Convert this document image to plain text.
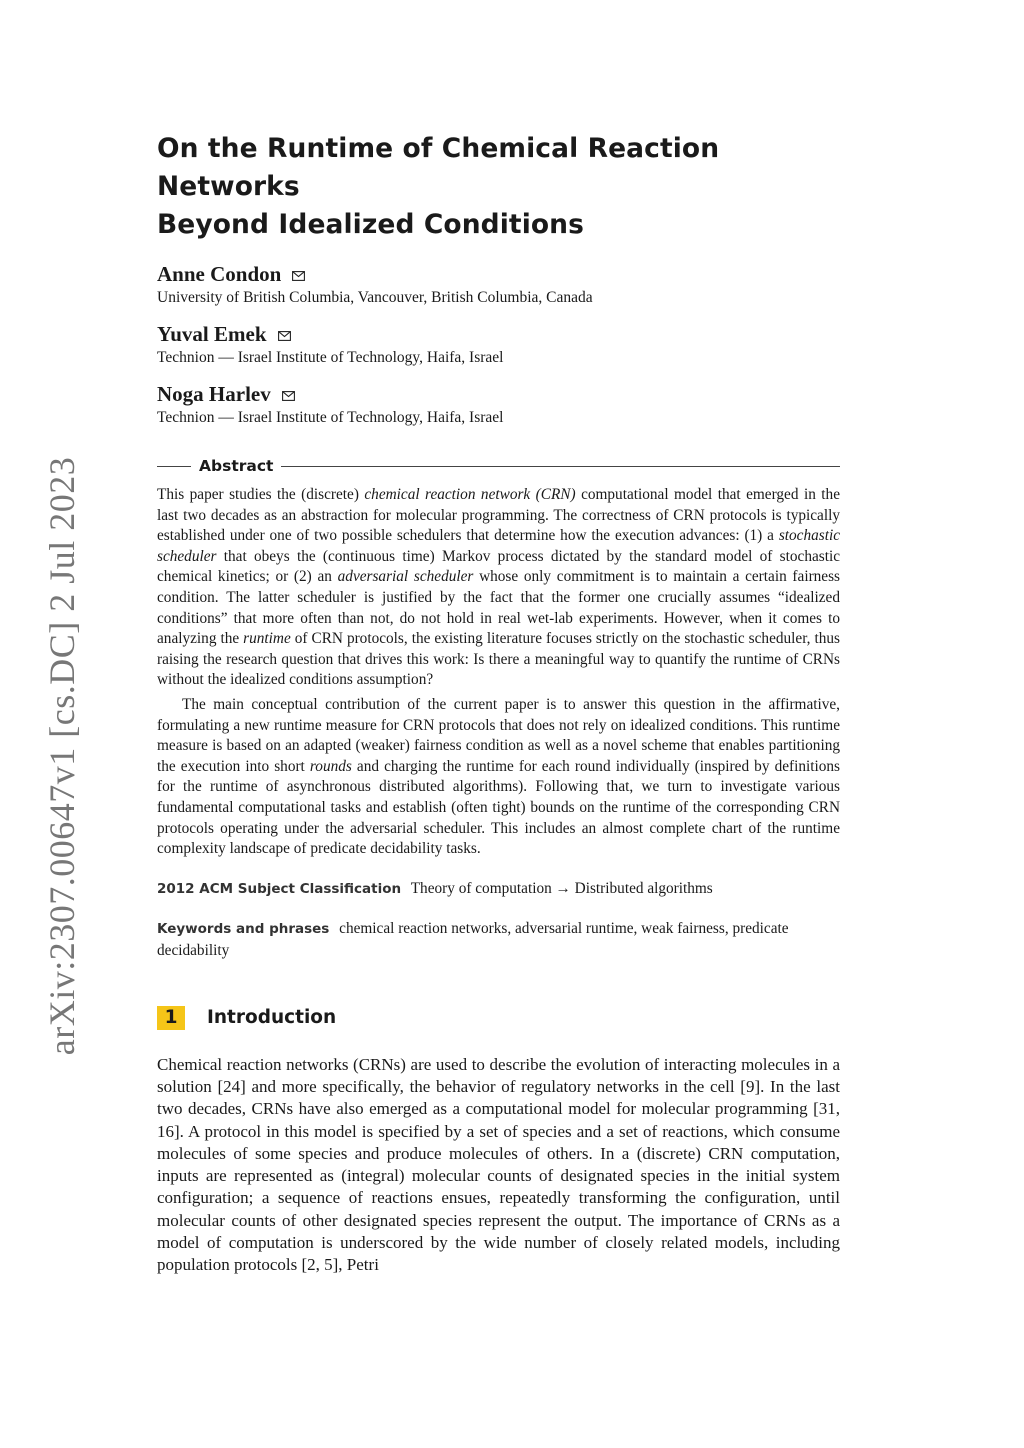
arXiv:2307.00647v1 [cs.DC] 2 Jul 2023
On the Runtime of Chemical Reaction Networks
Beyond Idealized Conditions
Anne Condon
University of British Columbia, Vancouver, British Columbia, Canada
Yuval Emek
Technion — Israel Institute of Technology, Haifa, Israel
Noga Harlev
Technion — Israel Institute of Technology, Haifa, Israel
Abstract

This paper studies the (discrete) chemical reaction network (CRN) computational model that emerged in the last two decades as an abstraction for molecular programming. The correctness of CRN protocols is typically established under one of two possible schedulers that determine how the execution advances: (1) a stochastic scheduler that obeys the (continuous time) Markov process dictated by the standard model of stochastic chemical kinetics; or (2) an adversarial scheduler whose only commitment is to maintain a certain fairness condition. The latter scheduler is justified by the fact that the former one crucially assumes “idealized conditions” that more often than not, do not hold in real wet-lab experiments. However, when it comes to analyzing the runtime of CRN protocols, the existing literature focuses strictly on the stochastic scheduler, thus raising the research question that drives this work: Is there a meaningful way to quantify the runtime of CRNs without the idealized conditions assumption?

The main conceptual contribution of the current paper is to answer this question in the affirmative, formulating a new runtime measure for CRN protocols that does not rely on idealized conditions. This runtime measure is based on an adapted (weaker) fairness condition as well as a novel scheme that enables partitioning the execution into short rounds and charging the runtime for each round individually (inspired by definitions for the runtime of asynchronous distributed algorithms). Following that, we turn to investigate various fundamental computational tasks and establish (often tight) bounds on the runtime of the corresponding CRN protocols operating under the adversarial scheduler. This includes an almost complete chart of the runtime complexity landscape of predicate decidability tasks.

2012 ACM Subject Classification Theory of computation → Distributed algorithms
Keywords and phrases chemical reaction networks, adversarial runtime, weak fairness, predicate decidability
1	Introduction
Chemical reaction networks (CRNs) are used to describe the evolution of interacting molecules in a solution [24] and more specifically, the behavior of regulatory networks in the cell [9]. In the last two decades, CRNs have also emerged as a computational model for molecular programming [31, 16]. A protocol in this model is specified by a set of species and a set of reactions, which consume molecules of some species and produce molecules of others. In a (discrete) CRN computation, inputs are represented as (integral) molecular counts of designated species in the initial system configuration; a sequence of reactions ensues, repeatedly transforming the configuration, until molecular counts of other designated species represent the output. The importance of CRNs as a model of computation is underscored by the wide number of closely related models, including population protocols [2, 5], Petri
